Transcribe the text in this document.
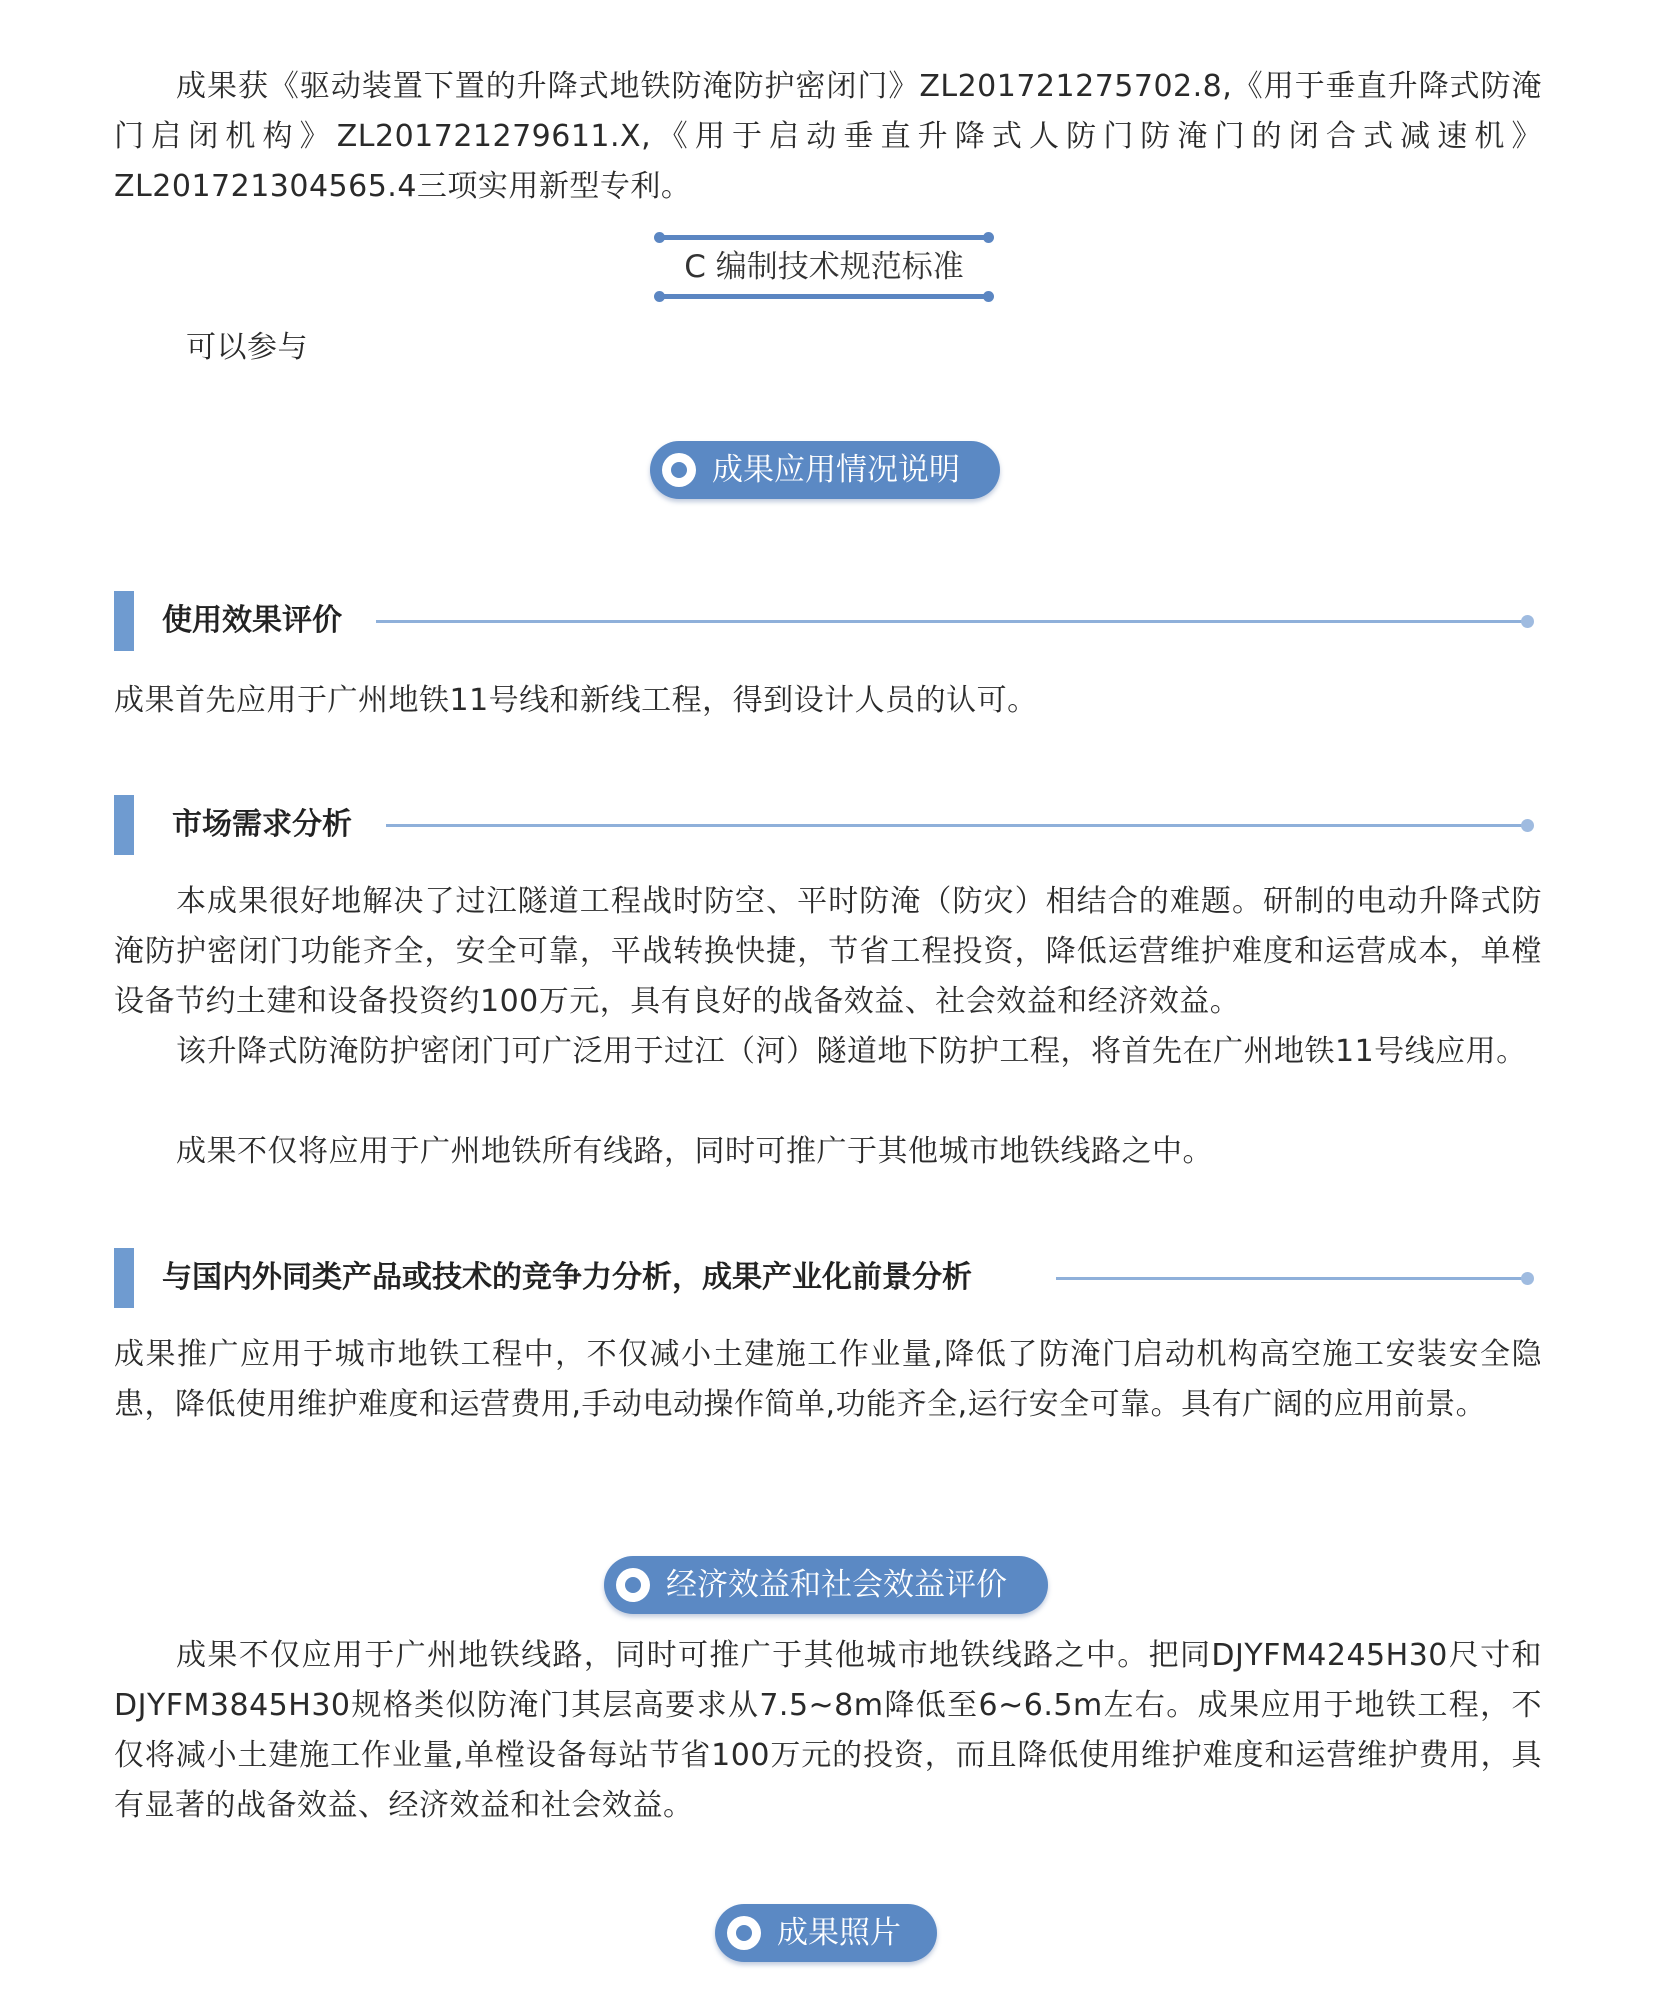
成果获《驱动装置下置的升降式地铁防淹防护密闭门》ZL201721275702.8,《用于垂直升降式防淹门启闭机构》ZL201721279611.X,《用于启动垂直升降式人防门防淹门的闭合式减速机》ZL201721304565.4三项实用新型专利。

C 编制技术规范标准

可以参与

成果应用情况说明
使用效果评价

成果首先应用于广州地铁11号线和新线工程，得到设计人员的认可。

市场需求分析

本成果很好地解决了过江隧道工程战时防空、平时防淹（防灾）相结合的难题。研制的电动升降式防淹防护密闭门功能齐全，安全可靠，平战转换快捷，节省工程投资，降低运营维护难度和运营成本，单樘设备节约土建和设备投资约100万元，具有良好的战备效益、社会效益和经济效益。

该升降式防淹防护密闭门可广泛用于过江（河）隧道地下防护工程，将首先在广州地铁11号线应用。

成果不仅将应用于广州地铁所有线路，同时可推广于其他城市地铁线路之中。

与国内外同类产品或技术的竞争力分析，成果产业化前景分析

成果推广应用于城市地铁工程中，不仅减小土建施工作业量,降低了防淹门启动机构高空施工安装安全隐患，降低使用维护难度和运营费用,手动电动操作简单,功能齐全,运行安全可靠。具有广阔的应用前景。

经济效益和社会效益评价

成果不仅应用于广州地铁线路，同时可推广于其他城市地铁线路之中。把同DJYFM4245H30尺寸和DJYFM3845H30规格类似防淹门其层高要求从7.5~8m降低至6~6.5m左右。成果应用于地铁工程，不仅将减小土建施工作业量,单樘设备每站节省100万元的投资，而且降低使用维护难度和运营维护费用，具有显著的战备效益、经济效益和社会效益。

成果照片
